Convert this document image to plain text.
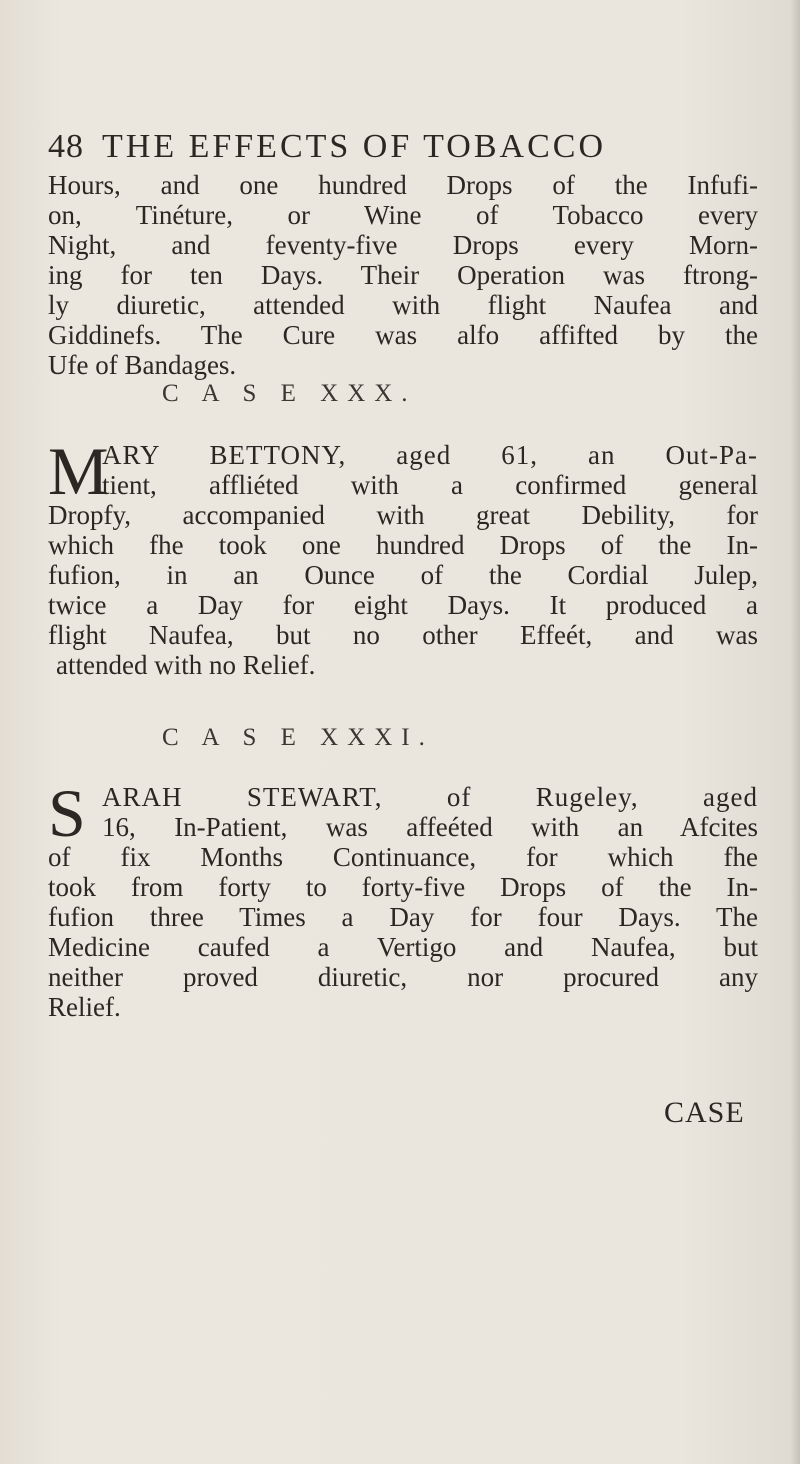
48 THE EFFECTS OF TOBACCO
Hours, and one hundred Drops of the Infufi-
on, Tinéture, or Wine of Tobacco every
Night, and feventy-five Drops every Morn-
ing for ten Days. Their Operation was ftrong-
ly diuretic, attended with flight Naufea and
Giddinefs. The Cure was alfo affifted by the
Ufe of Bandages.
C A S E XXX.
M
ARY BETTONY, aged 61, an Out-Pa-
tient, affliéted with a confirmed general
Dropfy, accompanied with great Debility, for
which fhe took one hundred Drops of the In-
fufion, in an Ounce of the Cordial Julep,
twice a Day for eight Days. It produced a
flight Naufea, but no other Effeét, and was
attended with no Relief.
C A S E XXXI.
S ARAH STEWART, of Rugeley, aged
16, In-Patient, was affeéted with an Afcites
of fix Months Continuance, for which fhe
took from forty to forty-five Drops of the In-
fufion three Times a Day for four Days. The
Medicine caufed a Vertigo and Naufea, but
neither proved diuretic, nor procured any
Relief.
CASE
